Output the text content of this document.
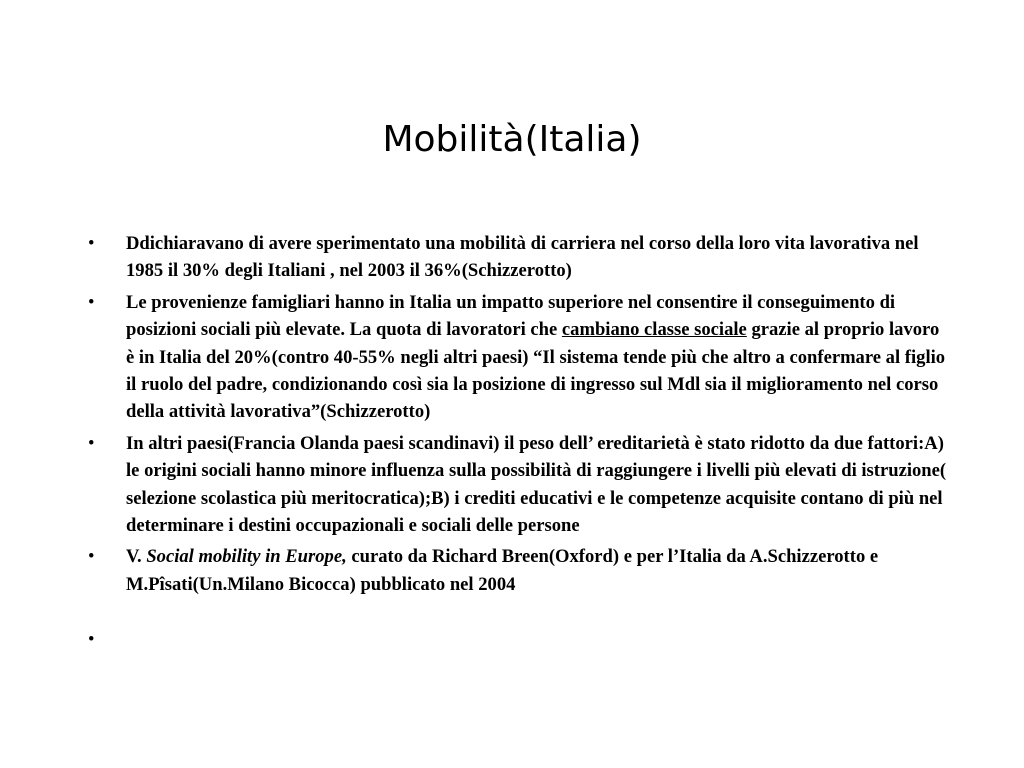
Mobilità(Italia)
• Ddichiaravano di avere sperimentato una mobilità di carriera nel corso della loro vita lavorativa nel 1985 il 30% degli Italiani , nel 2003 il 36%(Schizzerotto)
• Le provenienze famigliari hanno in Italia un impatto superiore nel consentire il conseguimento di posizioni sociali più elevate. La quota di lavoratori che cambiano classe sociale grazie al proprio lavoro è in Italia del 20%(contro 40-55% negli altri paesi) “Il sistema tende più che altro a confermare al figlio il ruolo del padre, condizionando così sia la posizione di ingresso sul Mdl sia il miglioramento nel corso della attività lavorativa”(Schizzerotto)
• In altri paesi(Francia Olanda paesi scandinavi) il peso dell’ ereditarietà è stato ridotto da due fattori:A) le origini sociali hanno minore influenza sulla possibilità di raggiungere i livelli più elevati di istruzione( selezione scolastica più meritocratica);B) i crediti educativi e le competenze acquisite contano di più nel determinare i destini occupazionali e sociali delle persone
• V. Social mobility in Europe, curato da Richard Breen(Oxford) e per l’Italia da A.Schizzerotto e M.Pîsati(Un.Milano Bicocca) pubblicato nel 2004
•
